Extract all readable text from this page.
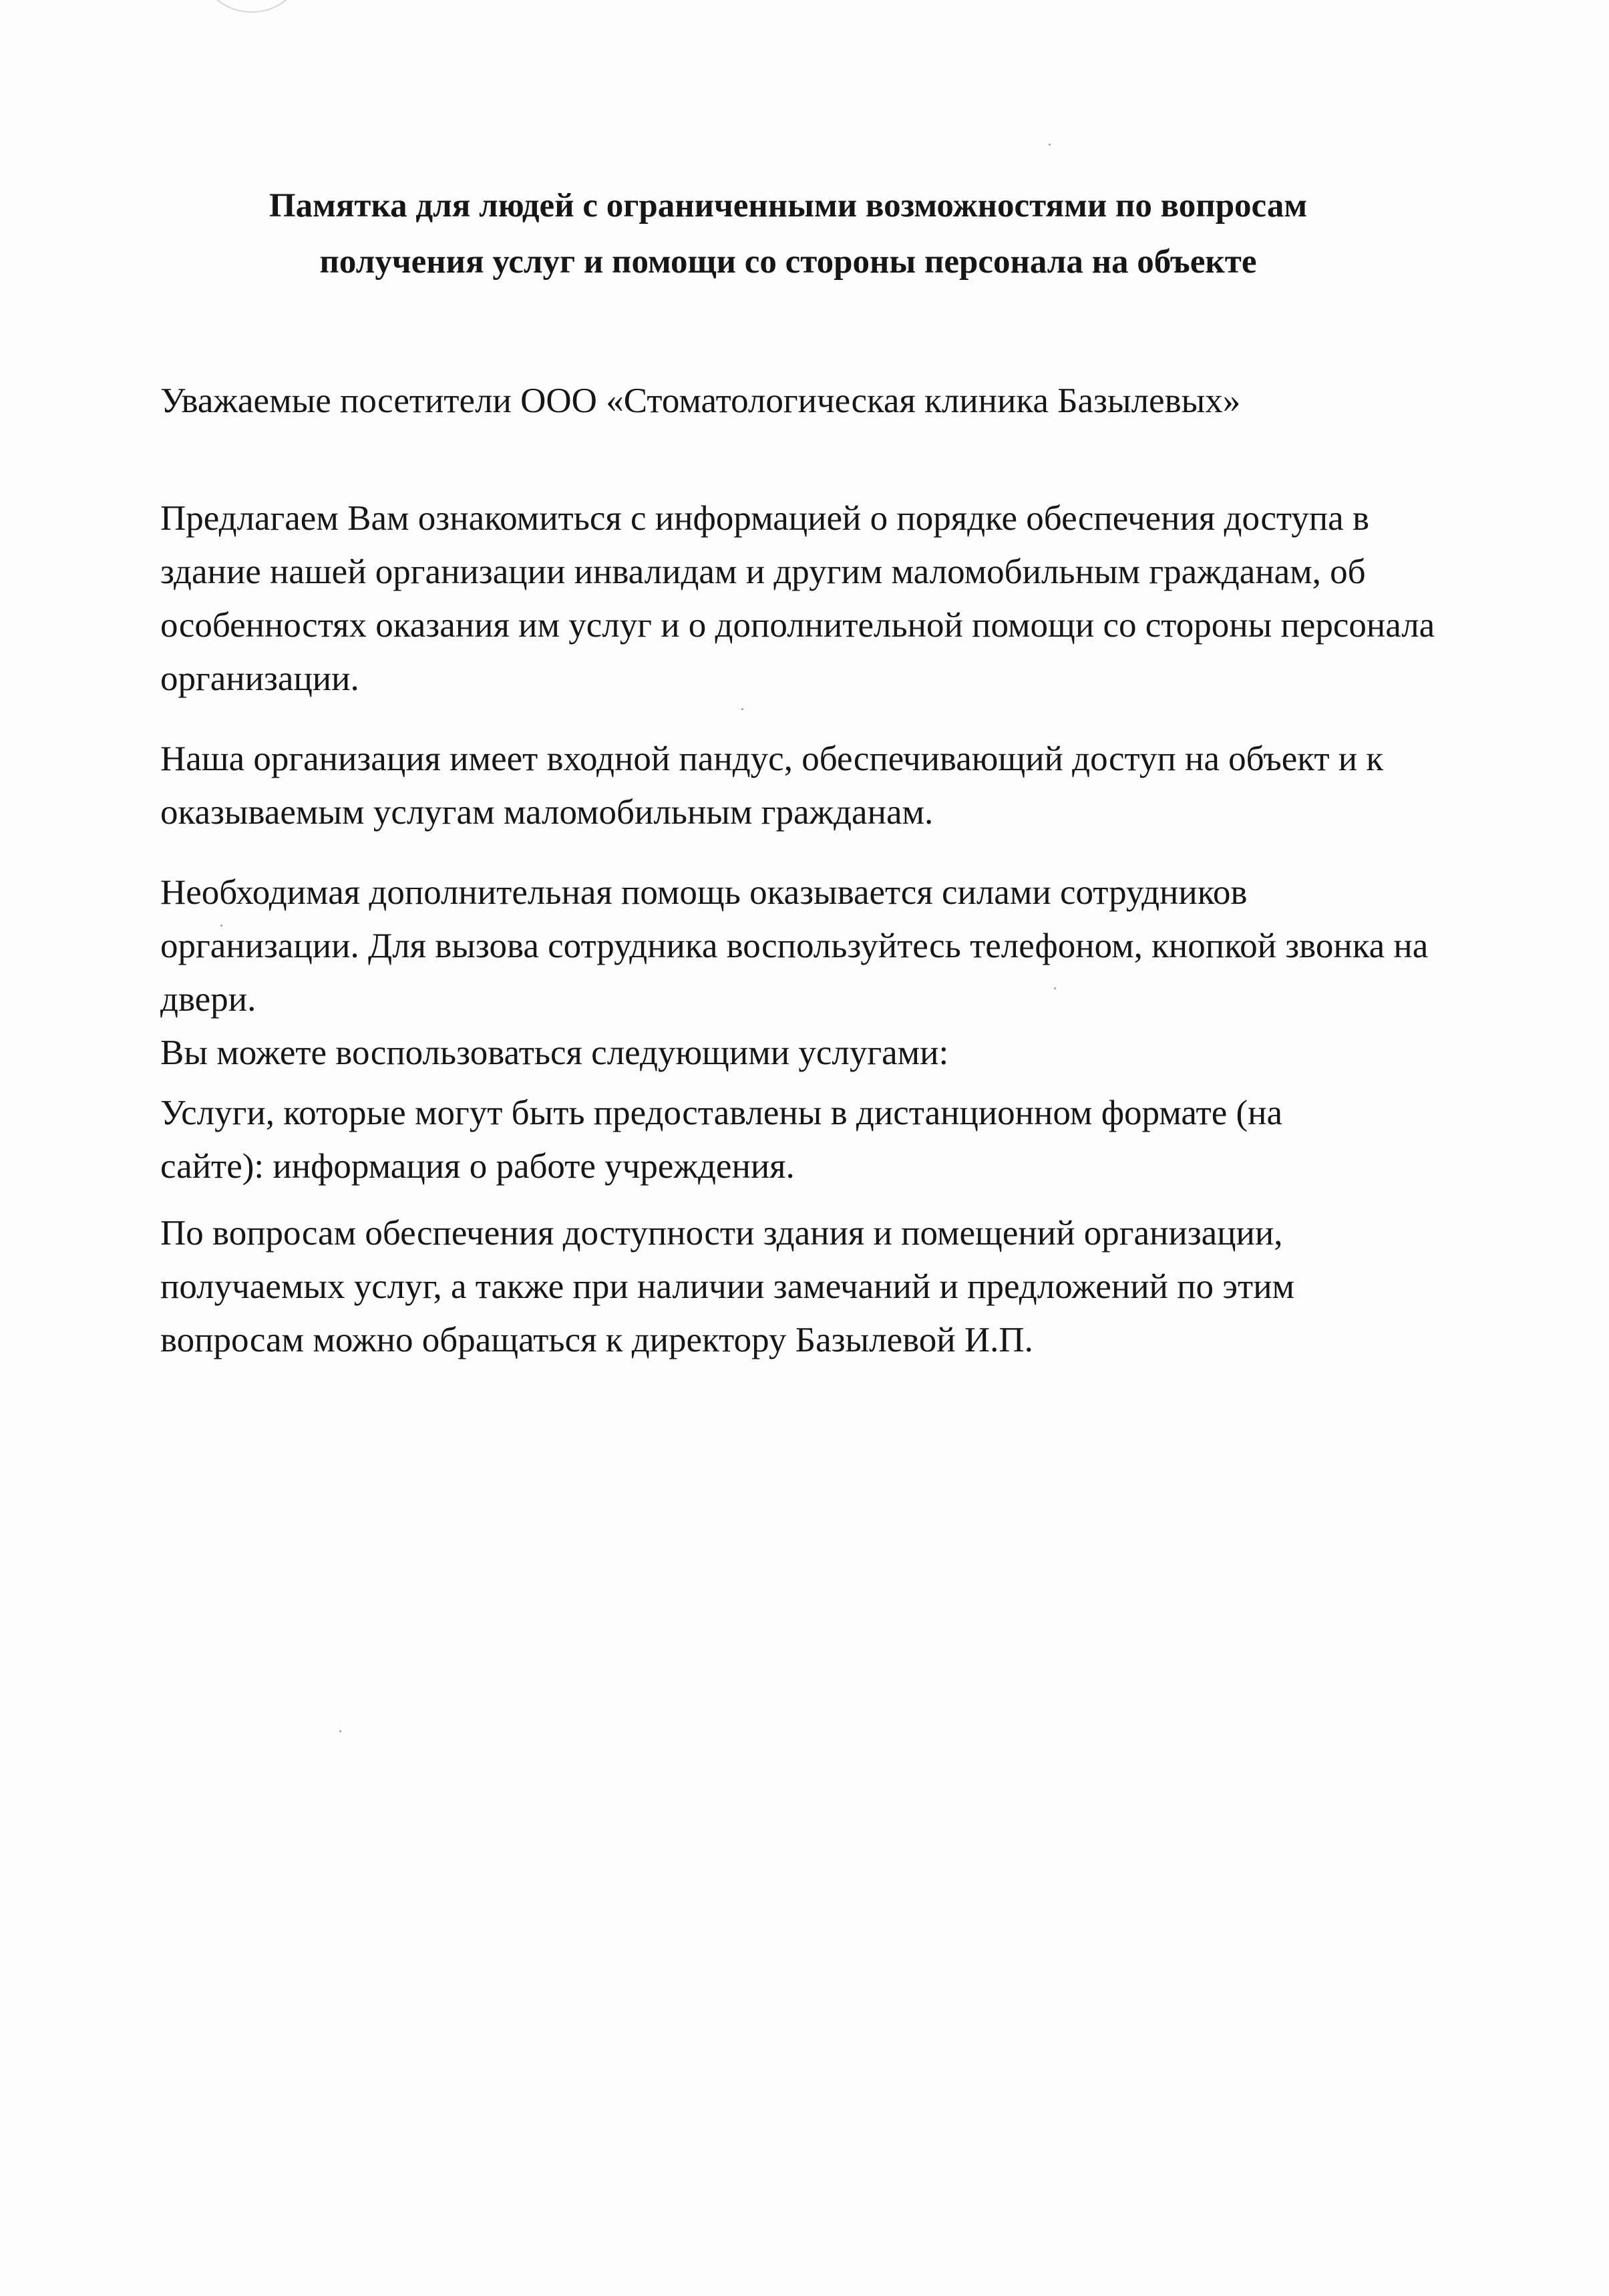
Памятка для людей с ограниченными возможностями по вопросам
получения услуг и помощи со стороны персонала на объекте

Уважаемые посетители ООО «Стоматологическая клиника Базылевых»

Предлагаем Вам ознакомиться с информацией о порядке обеспечения доступа в
здание нашей организации инвалидам и другим маломобильным гражданам, об
особенностях оказания им услуг и о дополнительной помощи со стороны персонала
организации.

Наша организация имеет входной пандус, обеспечивающий доступ на объект и к
оказываемым услугам маломобильным гражданам.

Необходимая дополнительная помощь оказывается силами сотрудников
организации. Для вызова сотрудника воспользуйтесь телефоном, кнопкой звонка на
двери.

Вы можете воспользоваться следующими услугами:

Услуги, которые могут быть предоставлены в дистанционном формате (на
сайте): информация о работе учреждения.

По вопросам обеспечения доступности здания и помещений организации,
получаемых услуг, а также при наличии замечаний и предложений по этим
вопросам можно обращаться к директору Базылевой И.П.
